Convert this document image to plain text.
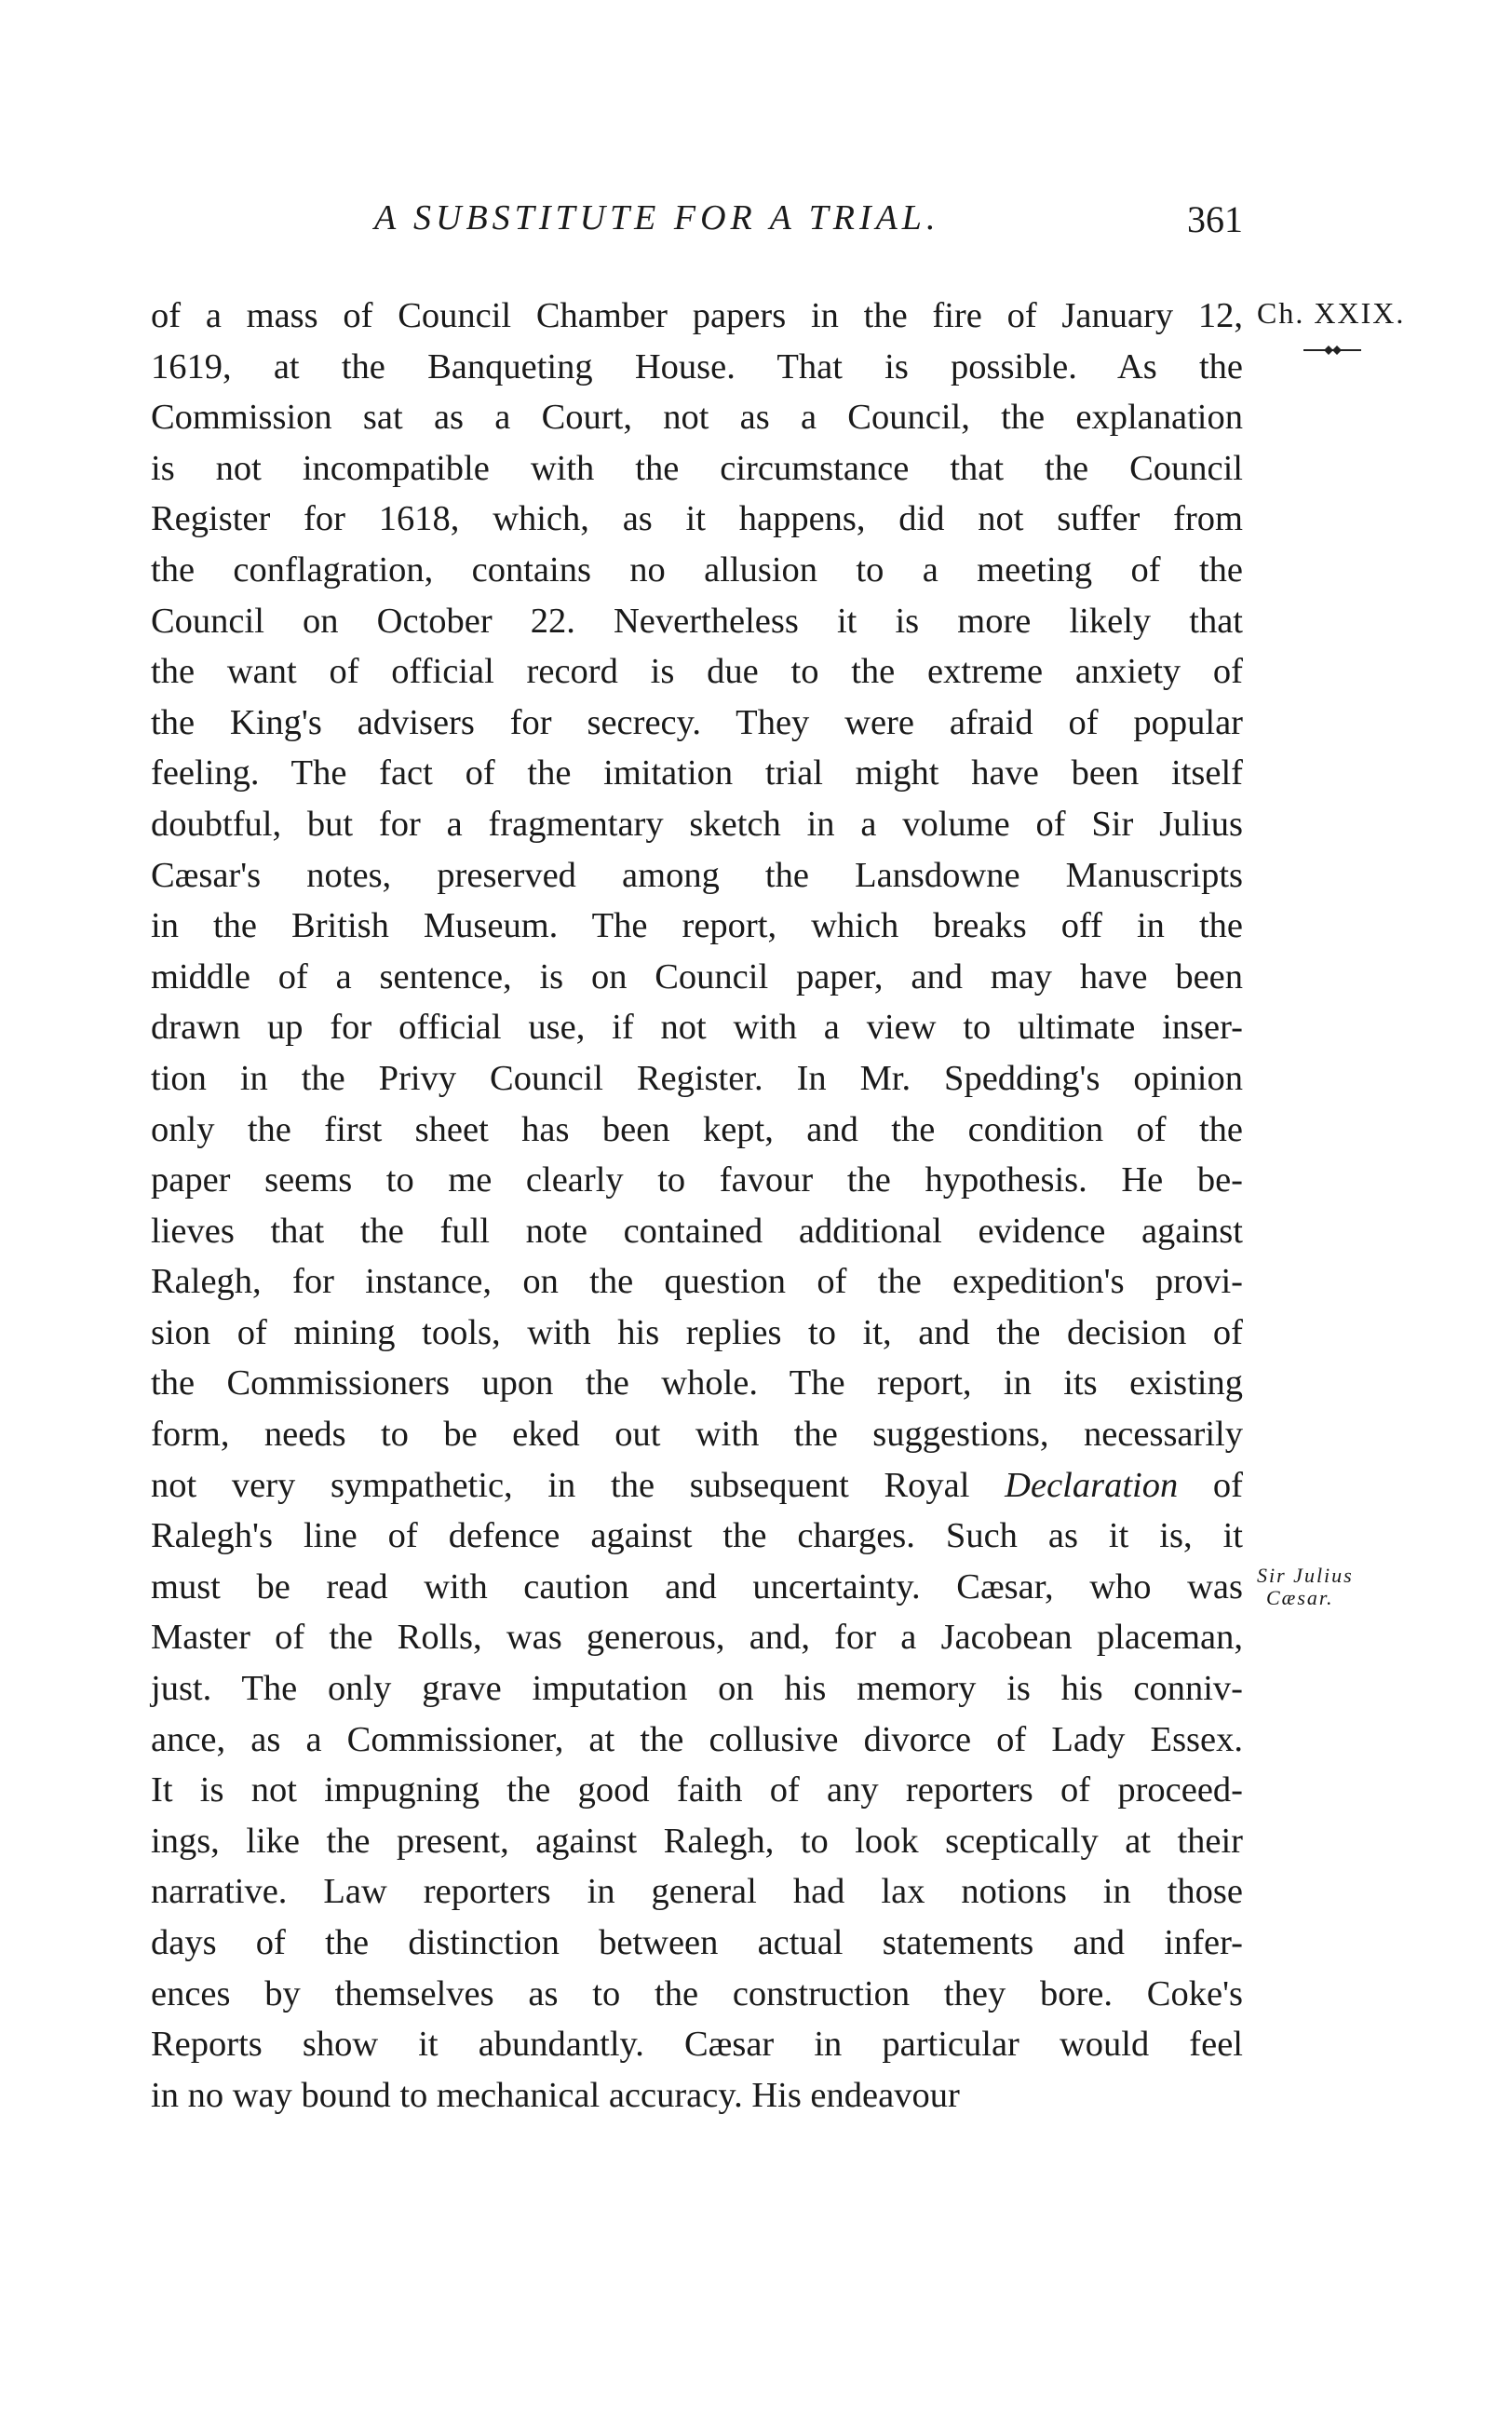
A SUBSTITUTE FOR A TRIAL.	361
Ch. XXIX.
Sir Julius
Cæsar.
of a mass of Council Chamber papers in the fire of January 12,
1619, at the Banqueting House. That is possible. As the
Commission sat as a Court, not as a Council, the explanation
is not incompatible with the circumstance that the Council
Register for 1618, which, as it happens, did not suffer from
the conflagration, contains no allusion to a meeting of the
Council on October 22. Nevertheless it is more likely that
the want of official record is due to the extreme anxiety of
the King's advisers for secrecy. They were afraid of popular
feeling. The fact of the imitation trial might have been itself
doubtful, but for a fragmentary sketch in a volume of Sir Julius
Cæsar's notes, preserved among the Lansdowne Manuscripts
in the British Museum. The report, which breaks off in the
middle of a sentence, is on Council paper, and may have been
drawn up for official use, if not with a view to ultimate inser-
tion in the Privy Council Register. In Mr. Spedding's opinion
only the first sheet has been kept, and the condition of the
paper seems to me clearly to favour the hypothesis. He be-
lieves that the full note contained additional evidence against
Ralegh, for instance, on the question of the expedition's provi-
sion of mining tools, with his replies to it, and the decision of
the Commissioners upon the whole. The report, in its existing
form, needs to be eked out with the suggestions, necessarily
not very sympathetic, in the subsequent Royal Declaration of
Ralegh's line of defence against the charges. Such as it is, it
must be read with caution and uncertainty. Cæsar, who was
Master of the Rolls, was generous, and, for a Jacobean placeman,
just. The only grave imputation on his memory is his conniv-
ance, as a Commissioner, at the collusive divorce of Lady Essex.
It is not impugning the good faith of any reporters of proceed-
ings, like the present, against Ralegh, to look sceptically at their
narrative. Law reporters in general had lax notions in those
days of the distinction between actual statements and infer-
ences by themselves as to the construction they bore. Coke's
Reports show it abundantly. Cæsar in particular would feel
in no way bound to mechanical accuracy. His endeavour
